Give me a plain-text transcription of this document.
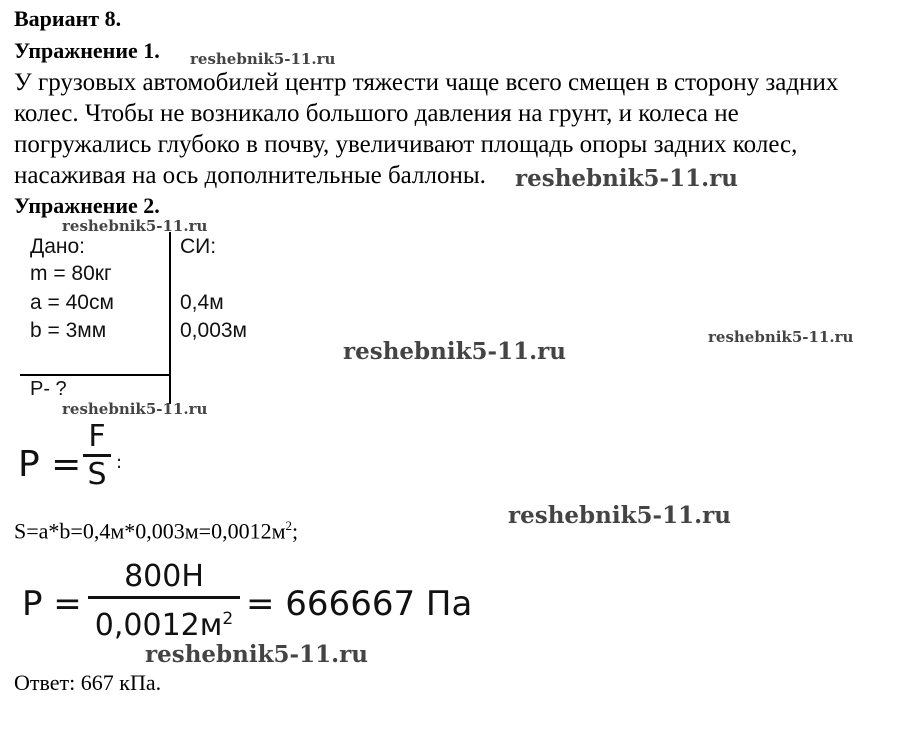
Вариант 8.
Упражнение 1.
У грузовых автомобилей центр тяжести чаще всего смещен в сторону задних
колес. Чтобы не возникало большого давления на грунт, и колеса не
погружались глубоко в почву, увеличивают площадь опоры задних колес,
насаживая на ось дополнительные баллоны.
Упражнение 2.
Дано:	СИ:
m = 80кг
a = 40см	0,4м
b = 3мм	0,003м
P- ?
P =
F
S :
$S=a*b=0,4м*0,003м=0,0012м^2$;
P =
800H
$0,0012м^2 = 666667$ Па
Ответ: 667 кПа.
reshebnik5-11.ru
reshebnik5-11.ru
reshebnik5-11.ru
reshebnik5-11.ru
reshebnik5-11.ru
reshebnik5-11.ru
reshebnik5-11.ru
reshebnik5-11.ru
